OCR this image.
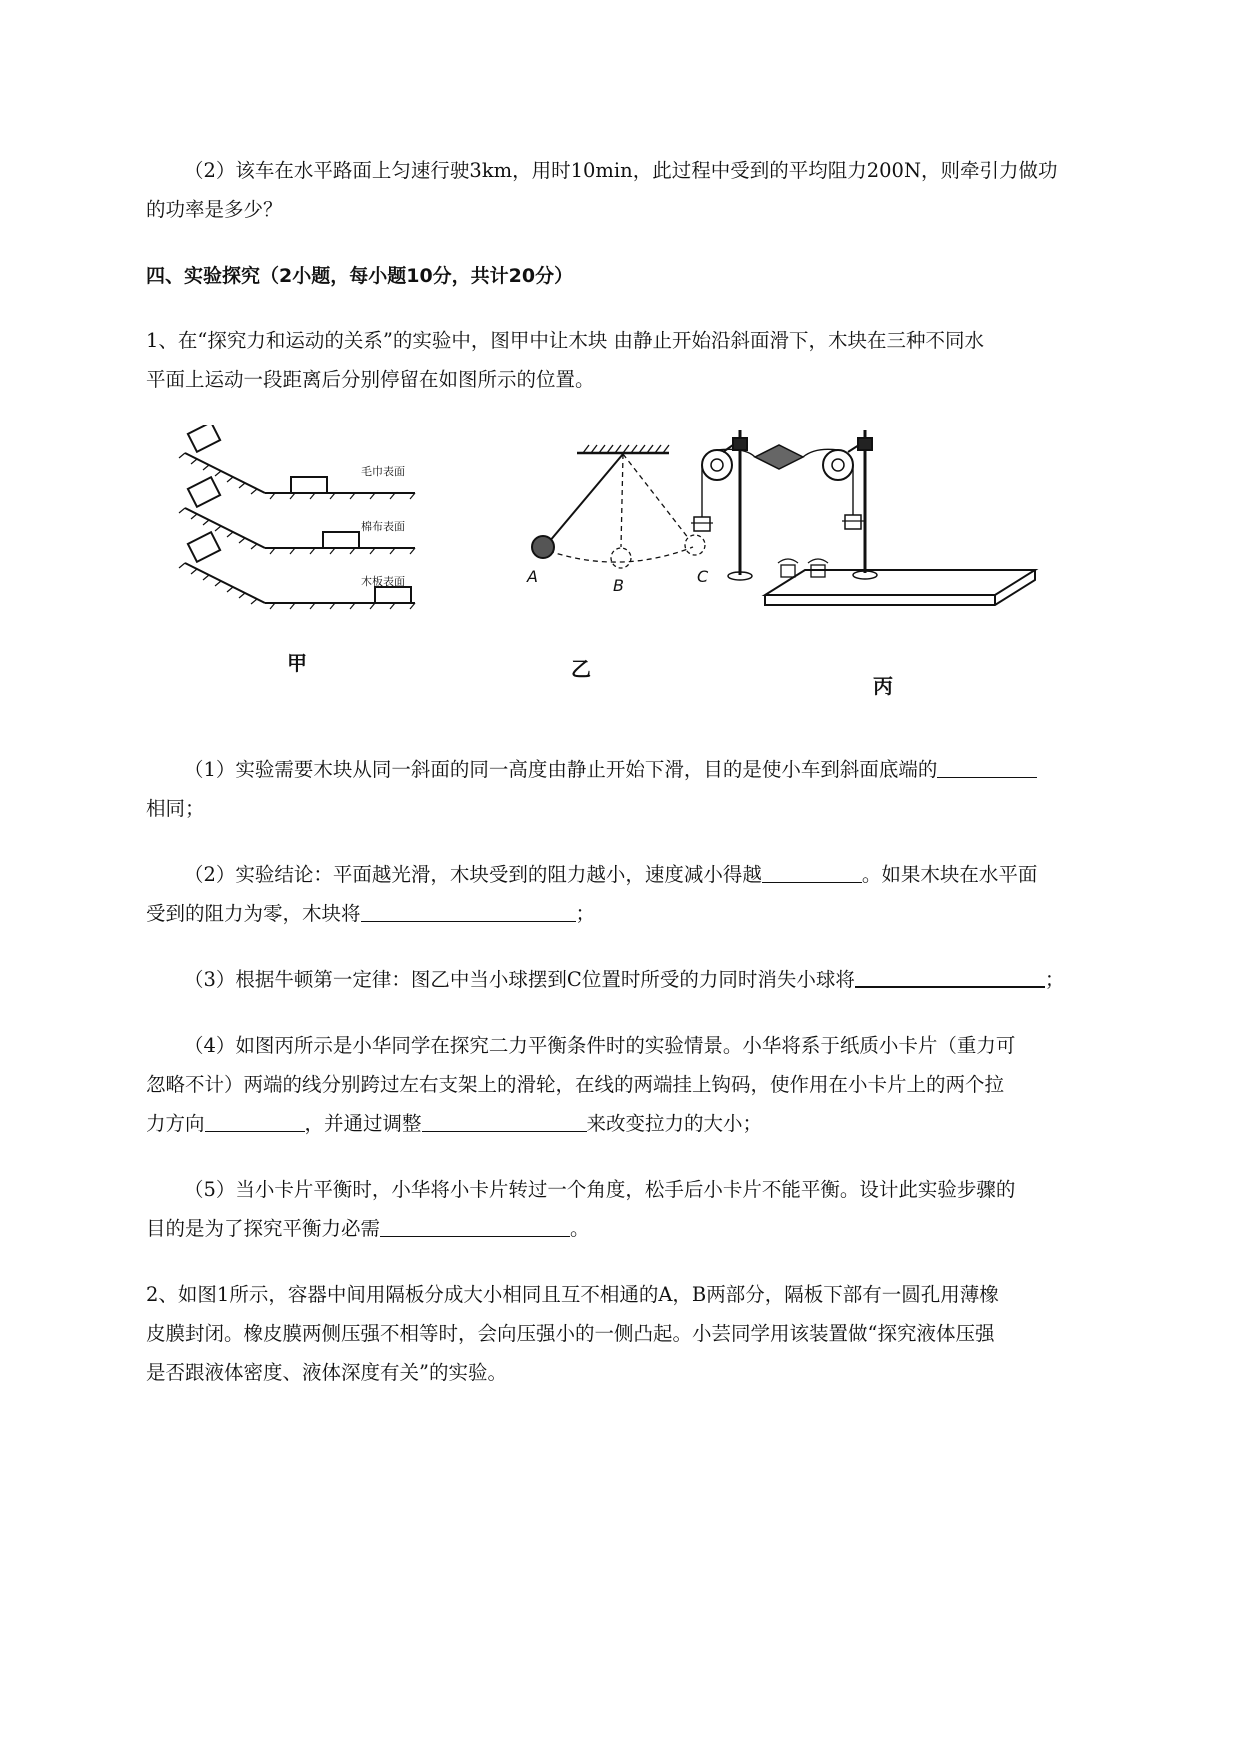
（2）该车在水平路面上匀速行驶3km，用时10min，此过程中受到的平均阻力200N，则牵引力做功
的功率是多少？
四、实验探究（2小题，每小题10分，共计20分）
1、在“探究力和运动的关系”的实验中，图甲中让木块 由静止开始沿斜面滑下，木块在三种不同水
平面上运动一段距离后分别停留在如图所示的位置。
毛巾表面
棉布表面
木板表面	A	B	C
甲	乙
丙
（1）实验需要木块从同一斜面的同一高度由静止开始下滑，目的是使小车到斜面底端的
相同；
（2）实验结论：平面越光滑，木块受到的阻力越小，速度减小得越	。如果木块在水平面
受到的阻力为零，木块将	；
（3）根据牛顿第一定律：图乙中当小球摆到C位置时所受的力同时消失小球将	；
（4）如图丙所示是小华同学在探究二力平衡条件时的实验情景。小华将系于纸质小卡片（重力可
忽略不计）两端的线分别跨过左右支架上的滑轮，在线的两端挂上钩码，使作用在小卡片上的两个拉
力方向	，并通过调整	来改变拉力的大小；
（5）当小卡片平衡时，小华将小卡片转过一个角度，松手后小卡片不能平衡。设计此实验步骤的
目的是为了探究平衡力必需	。
2、如图1所示，容器中间用隔板分成大小相同且互不相通的A，B两部分，隔板下部有一圆孔用薄橡
皮膜封闭。橡皮膜两侧压强不相等时，会向压强小的一侧凸起。小芸同学用该装置做“探究液体压强
是否跟液体密度、液体深度有关”的实验。
